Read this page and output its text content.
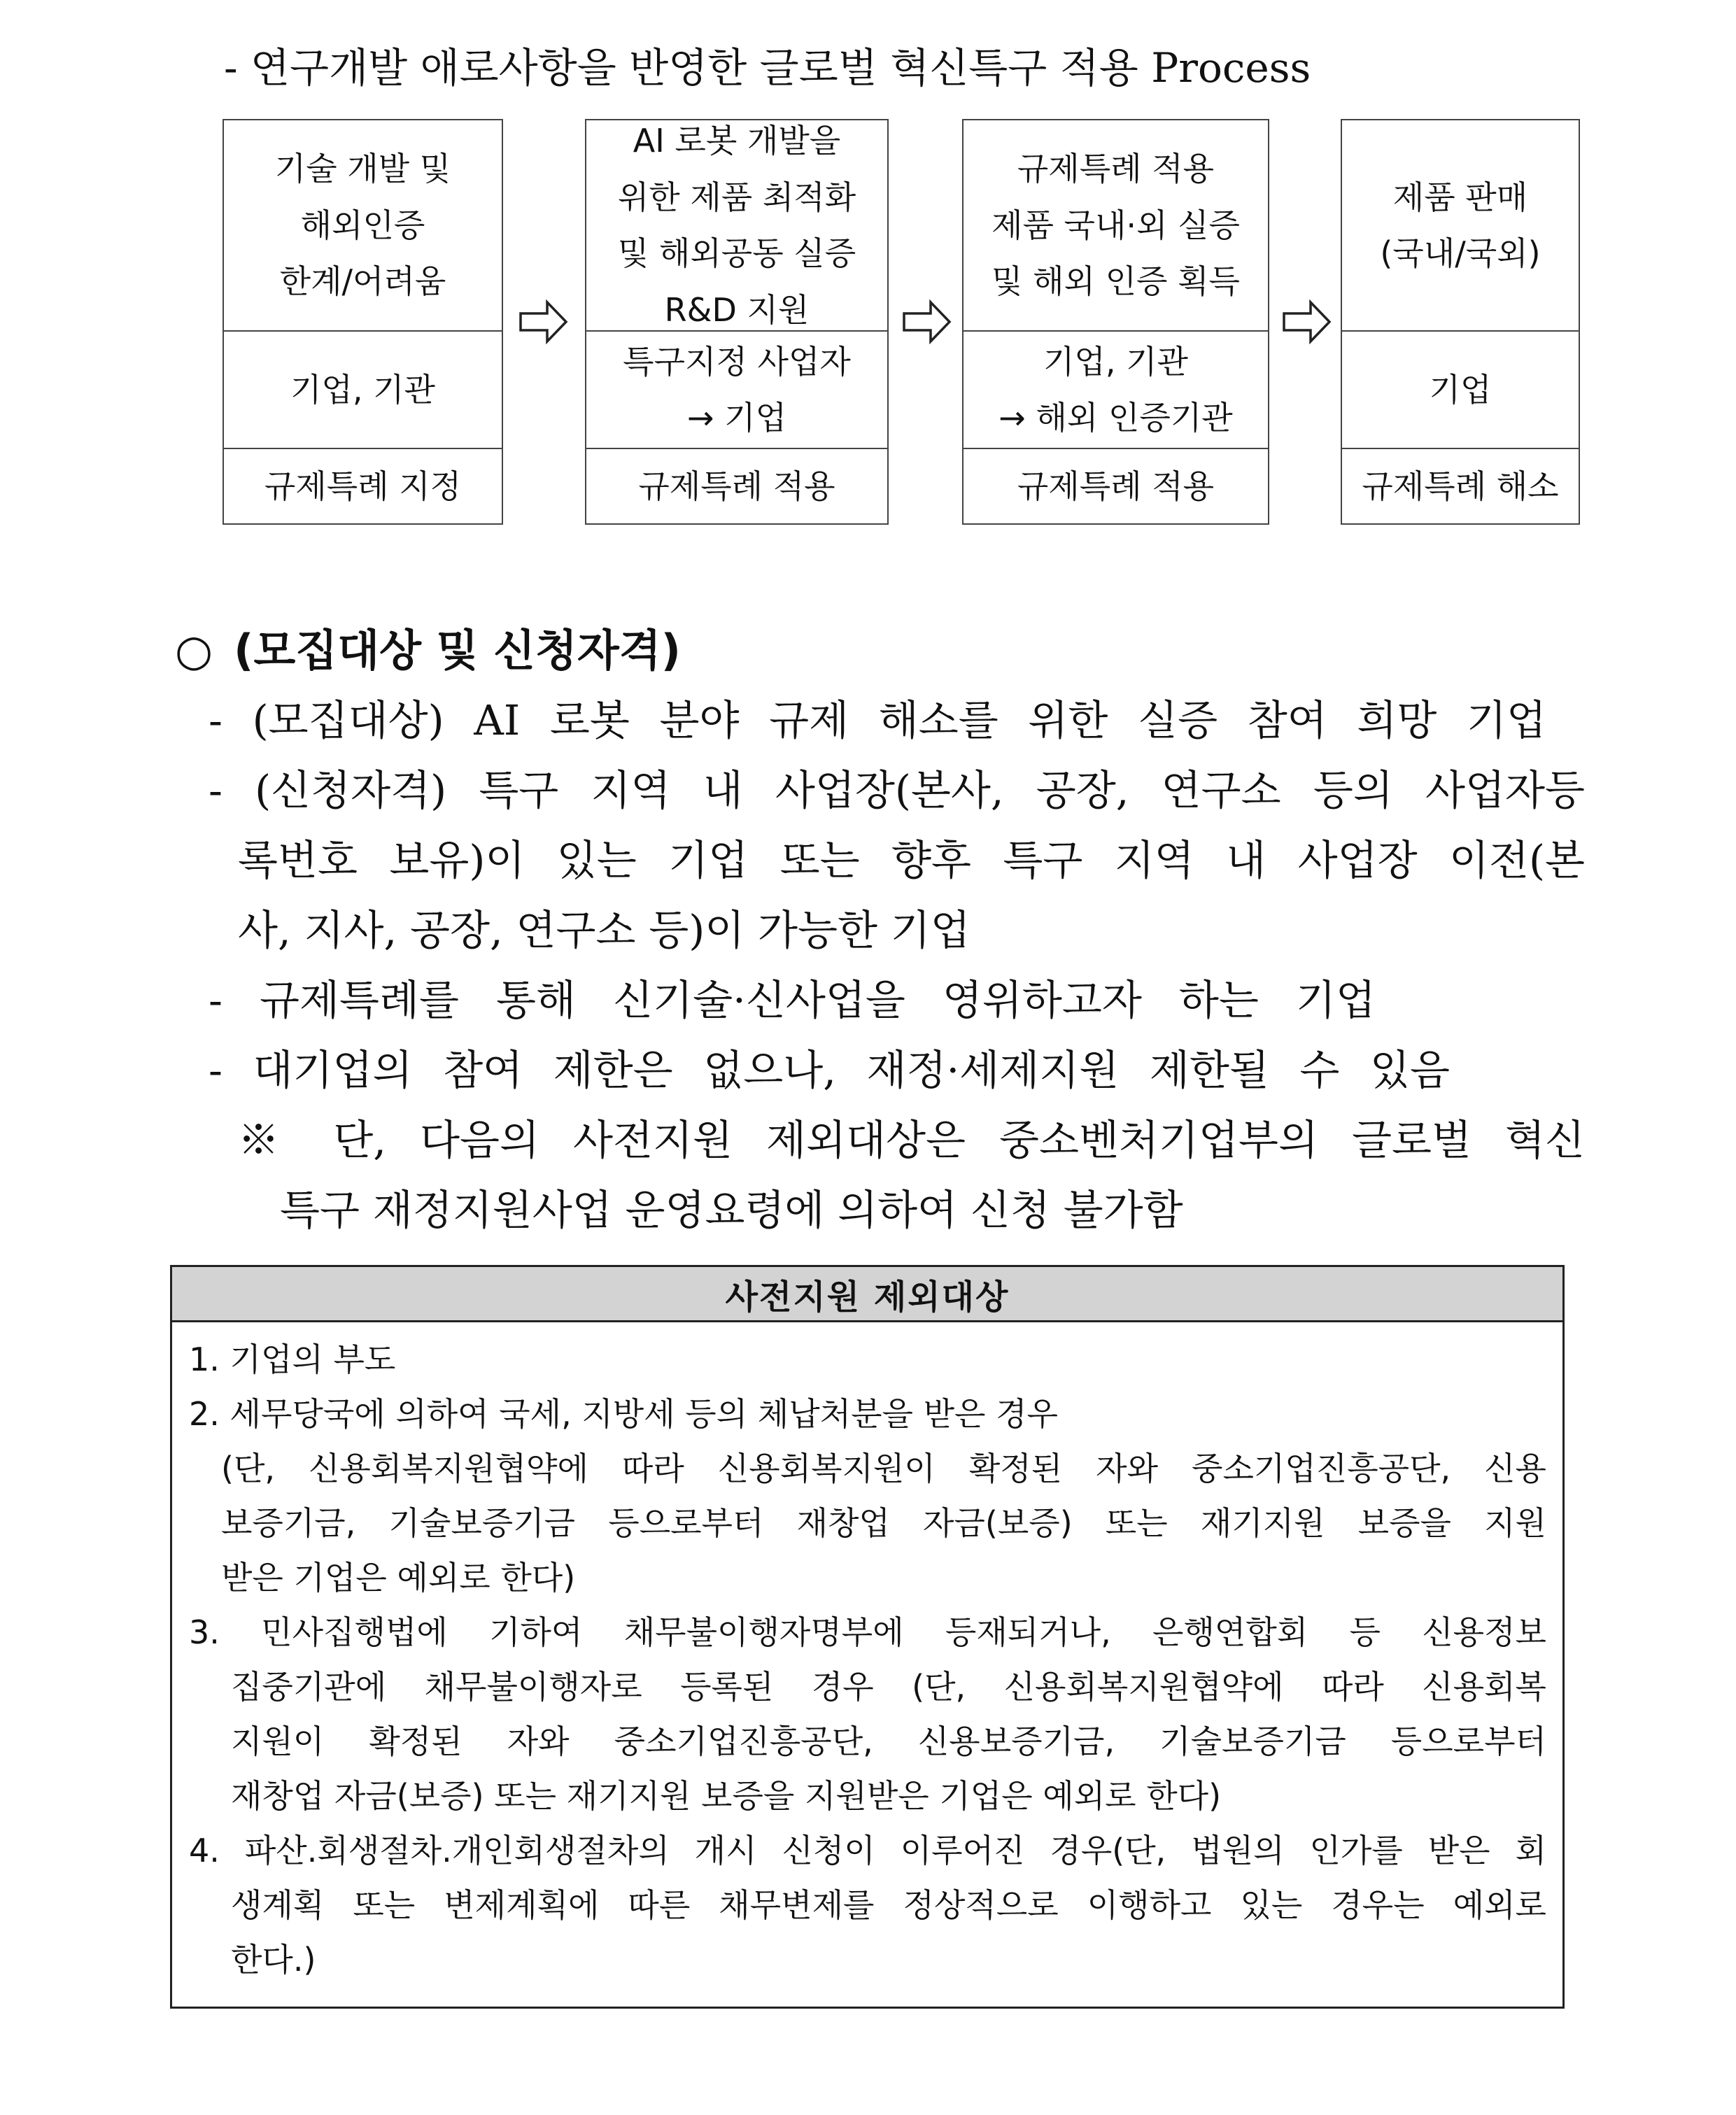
- 연구개발 애로사항을 반영한 글로벌 혁신특구 적용 Process
기술 개발 및
해외인증
한계/어려움
기업, 기관
규제특례 지정
AI 로봇 개발을
위한 제품 최적화
및 해외공동 실증
R&D 지원
특구지정 사업자
→ 기업
규제특례 적용
규제특례 적용
제품 국내·외 실증
및 해외 인증 획득
기업, 기관
→ 해외 인증기관
규제특례 적용
제품 판매
(국내/국외)
기업
규제특례 해소
○ (모집대상 및 신청자격)
- (모집대상) AI 로봇 분야 규제 해소를 위한 실증 참여 희망 기업
- (신청자격) 특구 지역 내 사업장(본사, 공장, 연구소 등의 사업자등
록번호 보유)이 있는 기업 또는 향후 특구 지역 내 사업장 이전(본
사, 지사, 공장, 연구소 등)이 가능한 기업
- 규제특례를 통해 신기술·신사업을 영위하고자 하는 기업
- 대기업의 참여 제한은 없으나, 재정·세제지원 제한될 수 있음
※ 단, 다음의 사전지원 제외대상은 중소벤처기업부의 글로벌 혁신
특구 재정지원사업 운영요령에 의하여 신청 불가함
사전지원 제외대상
1. 기업의 부도
2. 세무당국에 의하여 국세, 지방세 등의 체납처분을 받은 경우
(단, 신용회복지원협약에 따라 신용회복지원이 확정된 자와 중소기업진흥공단, 신용
보증기금, 기술보증기금 등으로부터 재창업 자금(보증) 또는 재기지원 보증을 지원
받은 기업은 예외로 한다)
3. 민사집행법에 기하여 채무불이행자명부에 등재되거나, 은행연합회 등 신용정보
집중기관에 채무불이행자로 등록된 경우 (단, 신용회복지원협약에 따라 신용회복
지원이 확정된 자와 중소기업진흥공단, 신용보증기금, 기술보증기금 등으로부터
재창업 자금(보증) 또는 재기지원 보증을 지원받은 기업은 예외로 한다)
4. 파산.회생절차.개인회생절차의 개시 신청이 이루어진 경우(단, 법원의 인가를 받은 회
생계획 또는 변제계획에 따른 채무변제를 정상적으로 이행하고 있는 경우는 예외로
한다.)
